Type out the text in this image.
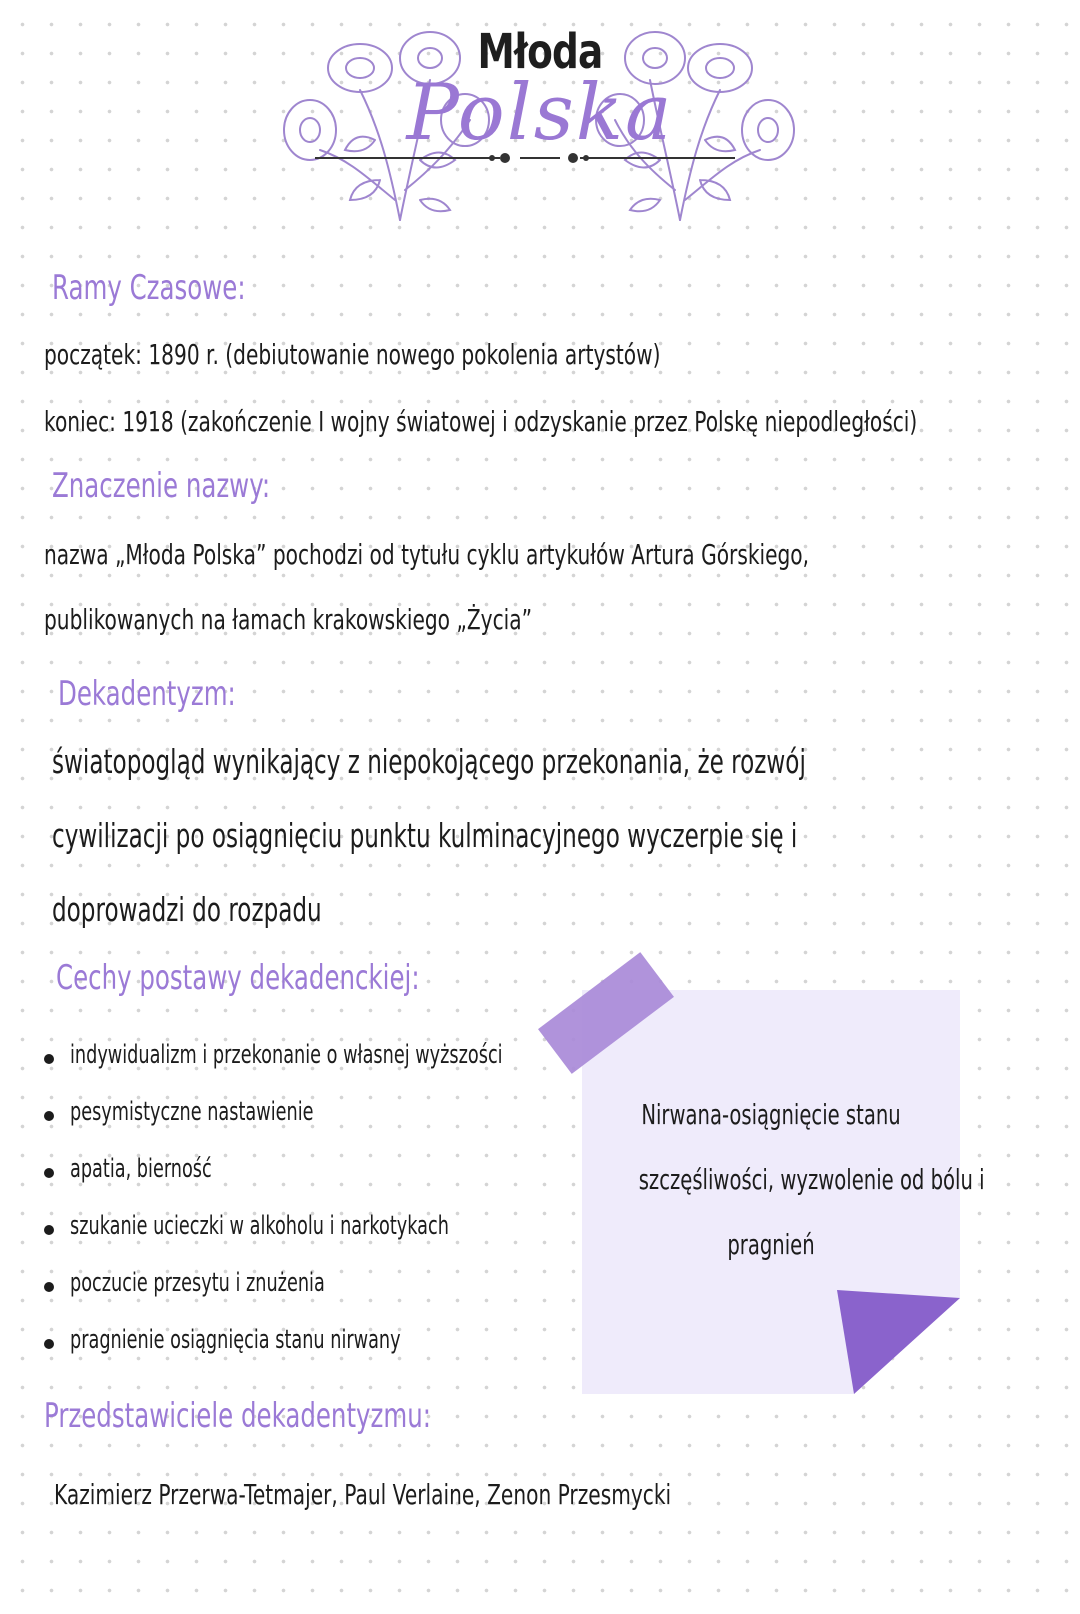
Młoda
Polska
Ramy Czasowe:
początek: 1890 r. (debiutowanie nowego pokolenia artystów)
koniec: 1918 (zakończenie I wojny światowej i odzyskanie przez Polskę niepodległości)
Znaczenie nazwy:
nazwa „Młoda Polska” pochodzi od tytułu cyklu artykułów Artura Górskiego,
publikowanych na łamach krakowskiego „Życia”
Dekadentyzm:
światopogląd wynikający z niepokojącego przekonania, że rozwój
cywilizacji po osiągnięciu punktu kulminacyjnego wyczerpie się i
doprowadzi do rozpadu
Cechy postawy dekadenckiej:
indywidualizm i przekonanie o własnej wyższości
pesymistyczne nastawienie
apatia, bierność
szukanie ucieczki w alkoholu i narkotykach
poczucie przesytu i znużenia
pragnienie osiągnięcia stanu nirwany
Nirwana-osiągnięcie stanu
szczęśliwości, wyzwolenie od bólu i
pragnień
Przedstawiciele dekadentyzmu:
Kazimierz Przerwa-Tetmajer, Paul Verlaine, Zenon Przesmycki
